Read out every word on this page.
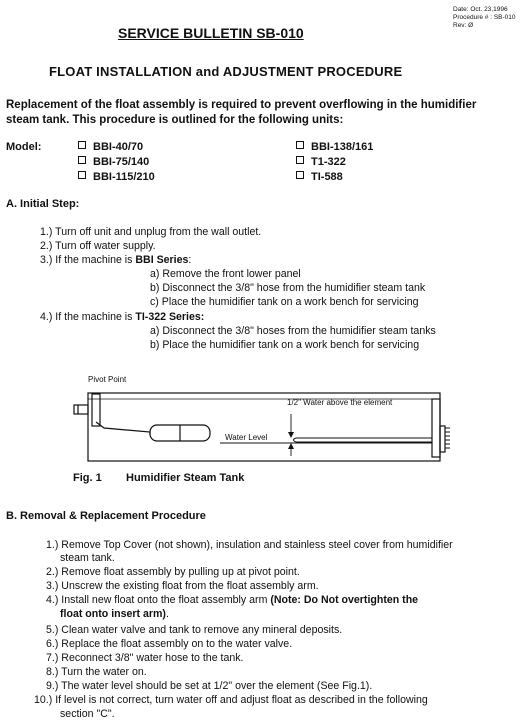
Date: Oct. 23,1996
Procedure # : SB-010
Rev: Ø
SERVICE BULLETIN SB-010
FLOAT INSTALLATION and ADJUSTMENT PROCEDURE
Replacement of the float assembly is required to prevent overflowing in the humidifier
steam tank. This procedure is outlined for the following units:
Model:	BBI-40/70
BBI-75/140
BBI-115/210
BBI-138/161
T1-322
TI-588
A. Initial Step:
1.) Turn off unit and unplug from the wall outlet.
2.) Turn off water supply.
3.) If the machine is BBI Series:
a) Remove the front lower panel
b) Disconnect the 3/8" hose from the humidifier steam tank
c) Place the humidifier tank on a work bench for servicing
4.) If the machine is TI-322 Series:
a) Disconnect the 3/8" hoses from the humidifier steam tanks
b) Place the humidifier tank on a work bench for servicing
Pivot Point
1/2" Water above the element
Water Level
Fig. 1 Humidifier Steam Tank
B. Removal & Replacement Procedure
1.) Remove Top Cover (not shown), insulation and stainless steel cover from humidifier
steam tank.
2.) Remove float assembly by pulling up at pivot point.
3.) Unscrew the existing float from the float assembly arm.
4.) Install new float onto the float assembly arm (Note: Do Not overtighten the
float onto insert arm).
5.) Clean water valve and tank to remove any mineral deposits.
6.) Replace the float assembly on to the water valve.
7.) Reconnect 3/8" water hose to the tank.
8.) Turn the water on.
9.) The water level should be set at 1/2" over the element (See Fig.1).
10.) If level is not correct, turn water off and adjust float as described in the following
section "C".
